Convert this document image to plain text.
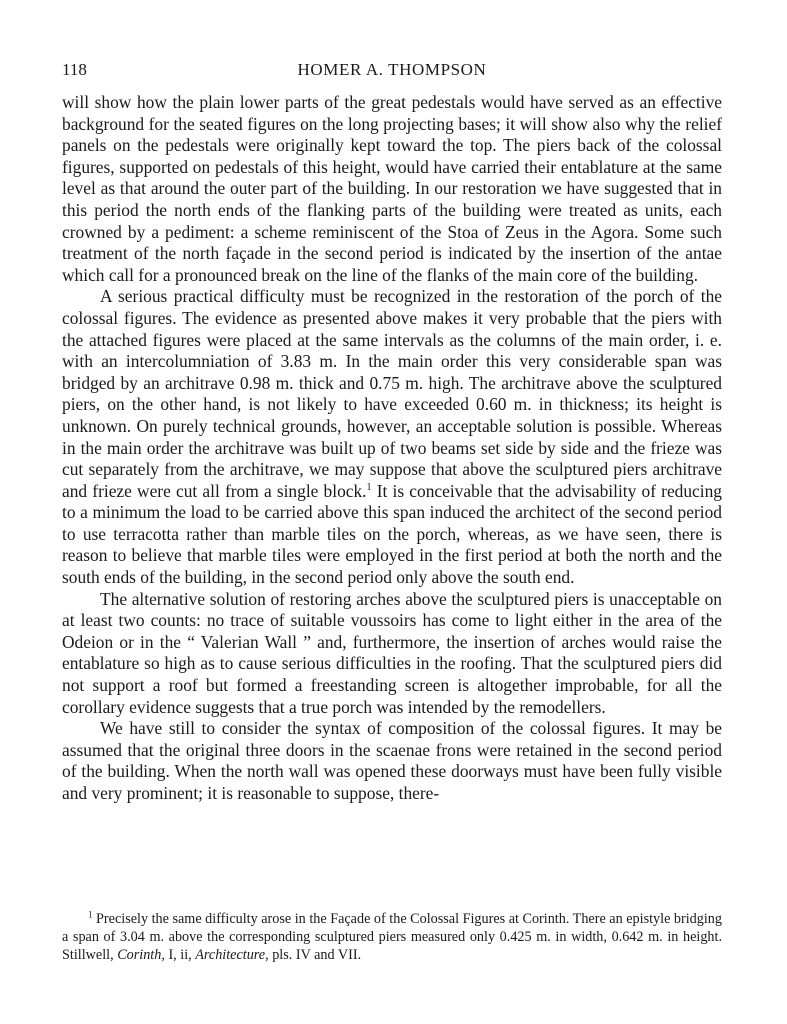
118	HOMER A. THOMPSON

will show how the plain lower parts of the great pedestals would have served as an effective background for the seated figures on the long projecting bases; it will show also why the relief panels on the pedestals were originally kept toward the top. The piers back of the colossal figures, supported on pedestals of this height, would have carried their entablature at the same level as that around the outer part of the building. In our restoration we have suggested that in this period the north ends of the flanking parts of the building were treated as units, each crowned by a pediment: a scheme reminiscent of the Stoa of Zeus in the Agora. Some such treatment of the north façade in the second period is indicated by the insertion of the antae which call for a pronounced break on the line of the flanks of the main core of the building.

A serious practical difficulty must be recognized in the restoration of the porch of the colossal figures. The evidence as presented above makes it very probable that the piers with the attached figures were placed at the same intervals as the columns of the main order, i. e. with an intercolumniation of 3.83 m. In the main order this very considerable span was bridged by an architrave 0.98 m. thick and 0.75 m. high. The architrave above the sculptured piers, on the other hand, is not likely to have exceeded 0.60 m. in thickness; its height is unknown. On purely technical grounds, however, an acceptable solution is possible. Whereas in the main order the architrave was built up of two beams set side by side and the frieze was cut separately from the architrave, we may suppose that above the sculptured piers architrave and frieze were cut all from a single block.$^1$ It is conceivable that the advisability of reducing to a minimum the load to be carried above this span induced the architect of the second period to use terracotta rather than marble tiles on the porch, whereas, as we have seen, there is reason to believe that marble tiles were employed in the first period at both the north and the south ends of the building, in the second period only above the south end.

The alternative solution of restoring arches above the sculptured piers is unacceptable on at least two counts: no trace of suitable voussoirs has come to light either in the area of the Odeion or in the “ Valerian Wall ” and, furthermore, the insertion of arches would raise the entablature so high as to cause serious difficulties in the roofing. That the sculptured piers did not support a roof but formed a freestanding screen is altogether improbable, for all the corollary evidence suggests that a true porch was intended by the remodellers.

We have still to consider the syntax of composition of the colossal figures. It may be assumed that the original three doors in the scaenae frons were retained in the second period of the building. When the north wall was opened these doorways must have been fully visible and very prominent; it is reasonable to suppose, there-

$^1$ Precisely the same difficulty arose in the Façade of the Colossal Figures at Corinth. There an epistyle bridging a span of 3.04 m. above the corresponding sculptured piers measured only 0.425 m. in width, 0.642 m. in height. Stillwell, Corinth, I, ii, Architecture, pls. IV and VII.
